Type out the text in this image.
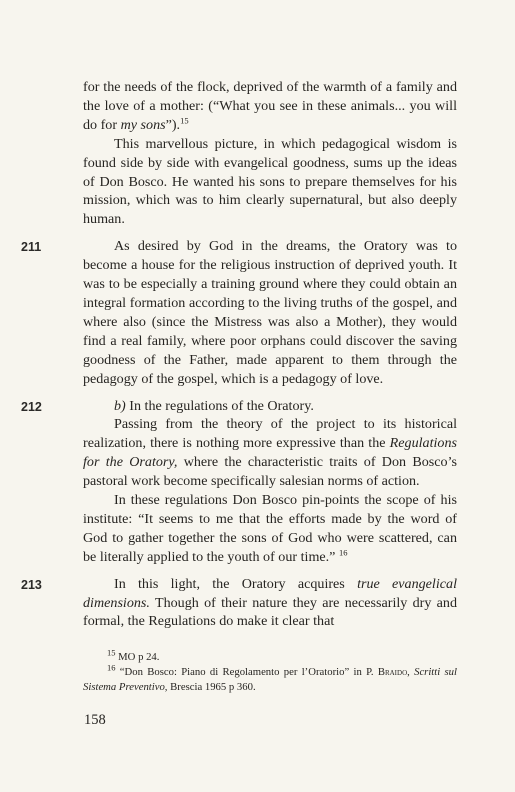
for the needs of the flock, deprived of the warmth of a family and the love of a mother: (“What you see in these animals... you will do for my sons”).$^{15}$

This marvellous picture, in which pedagogical wisdom is found side by side with evangelical goodness, sums up the ideas of Don Bosco. He wanted his sons to prepare themselves for his mission, which was to him clearly supernatural, but also deeply human.

211	As desired by God in the dreams, the Oratory was to become a house for the religious instruction of deprived youth. It was to be especially a training ground where they could obtain an integral formation according to the living truths of the gospel, and where also (since the Mistress was also a Mother), they would find a real family, where poor orphans could discover the saving goodness of the Father, made apparent to them through the pedagogy of the gospel, which is a pedagogy of love.

212	b) In the regulations of the Oratory.

Passing from the theory of the project to its historical realization, there is nothing more expressive than the Regulations for the Oratory, where the characteristic traits of Don Bosco’s pastoral work become specifically salesian norms of action.

In these regulations Don Bosco pin-points the scope of his institute: “It seems to me that the efforts made by the word of God to gather together the sons of God who were scattered, can be literally applied to the youth of our time.” $^{16}$

213	In this light, the Oratory acquires true evangelical dimensions. Though of their nature they are necessarily dry and formal, the Regulations do make it clear that

$^{15}$ MO p 24.

$^{16}$ “Don Bosco: Piano di Regolamento per l’Oratorio” in P. Braido, Scritti sul Sistema Preventivo, Brescia 1965 p 360.

158
